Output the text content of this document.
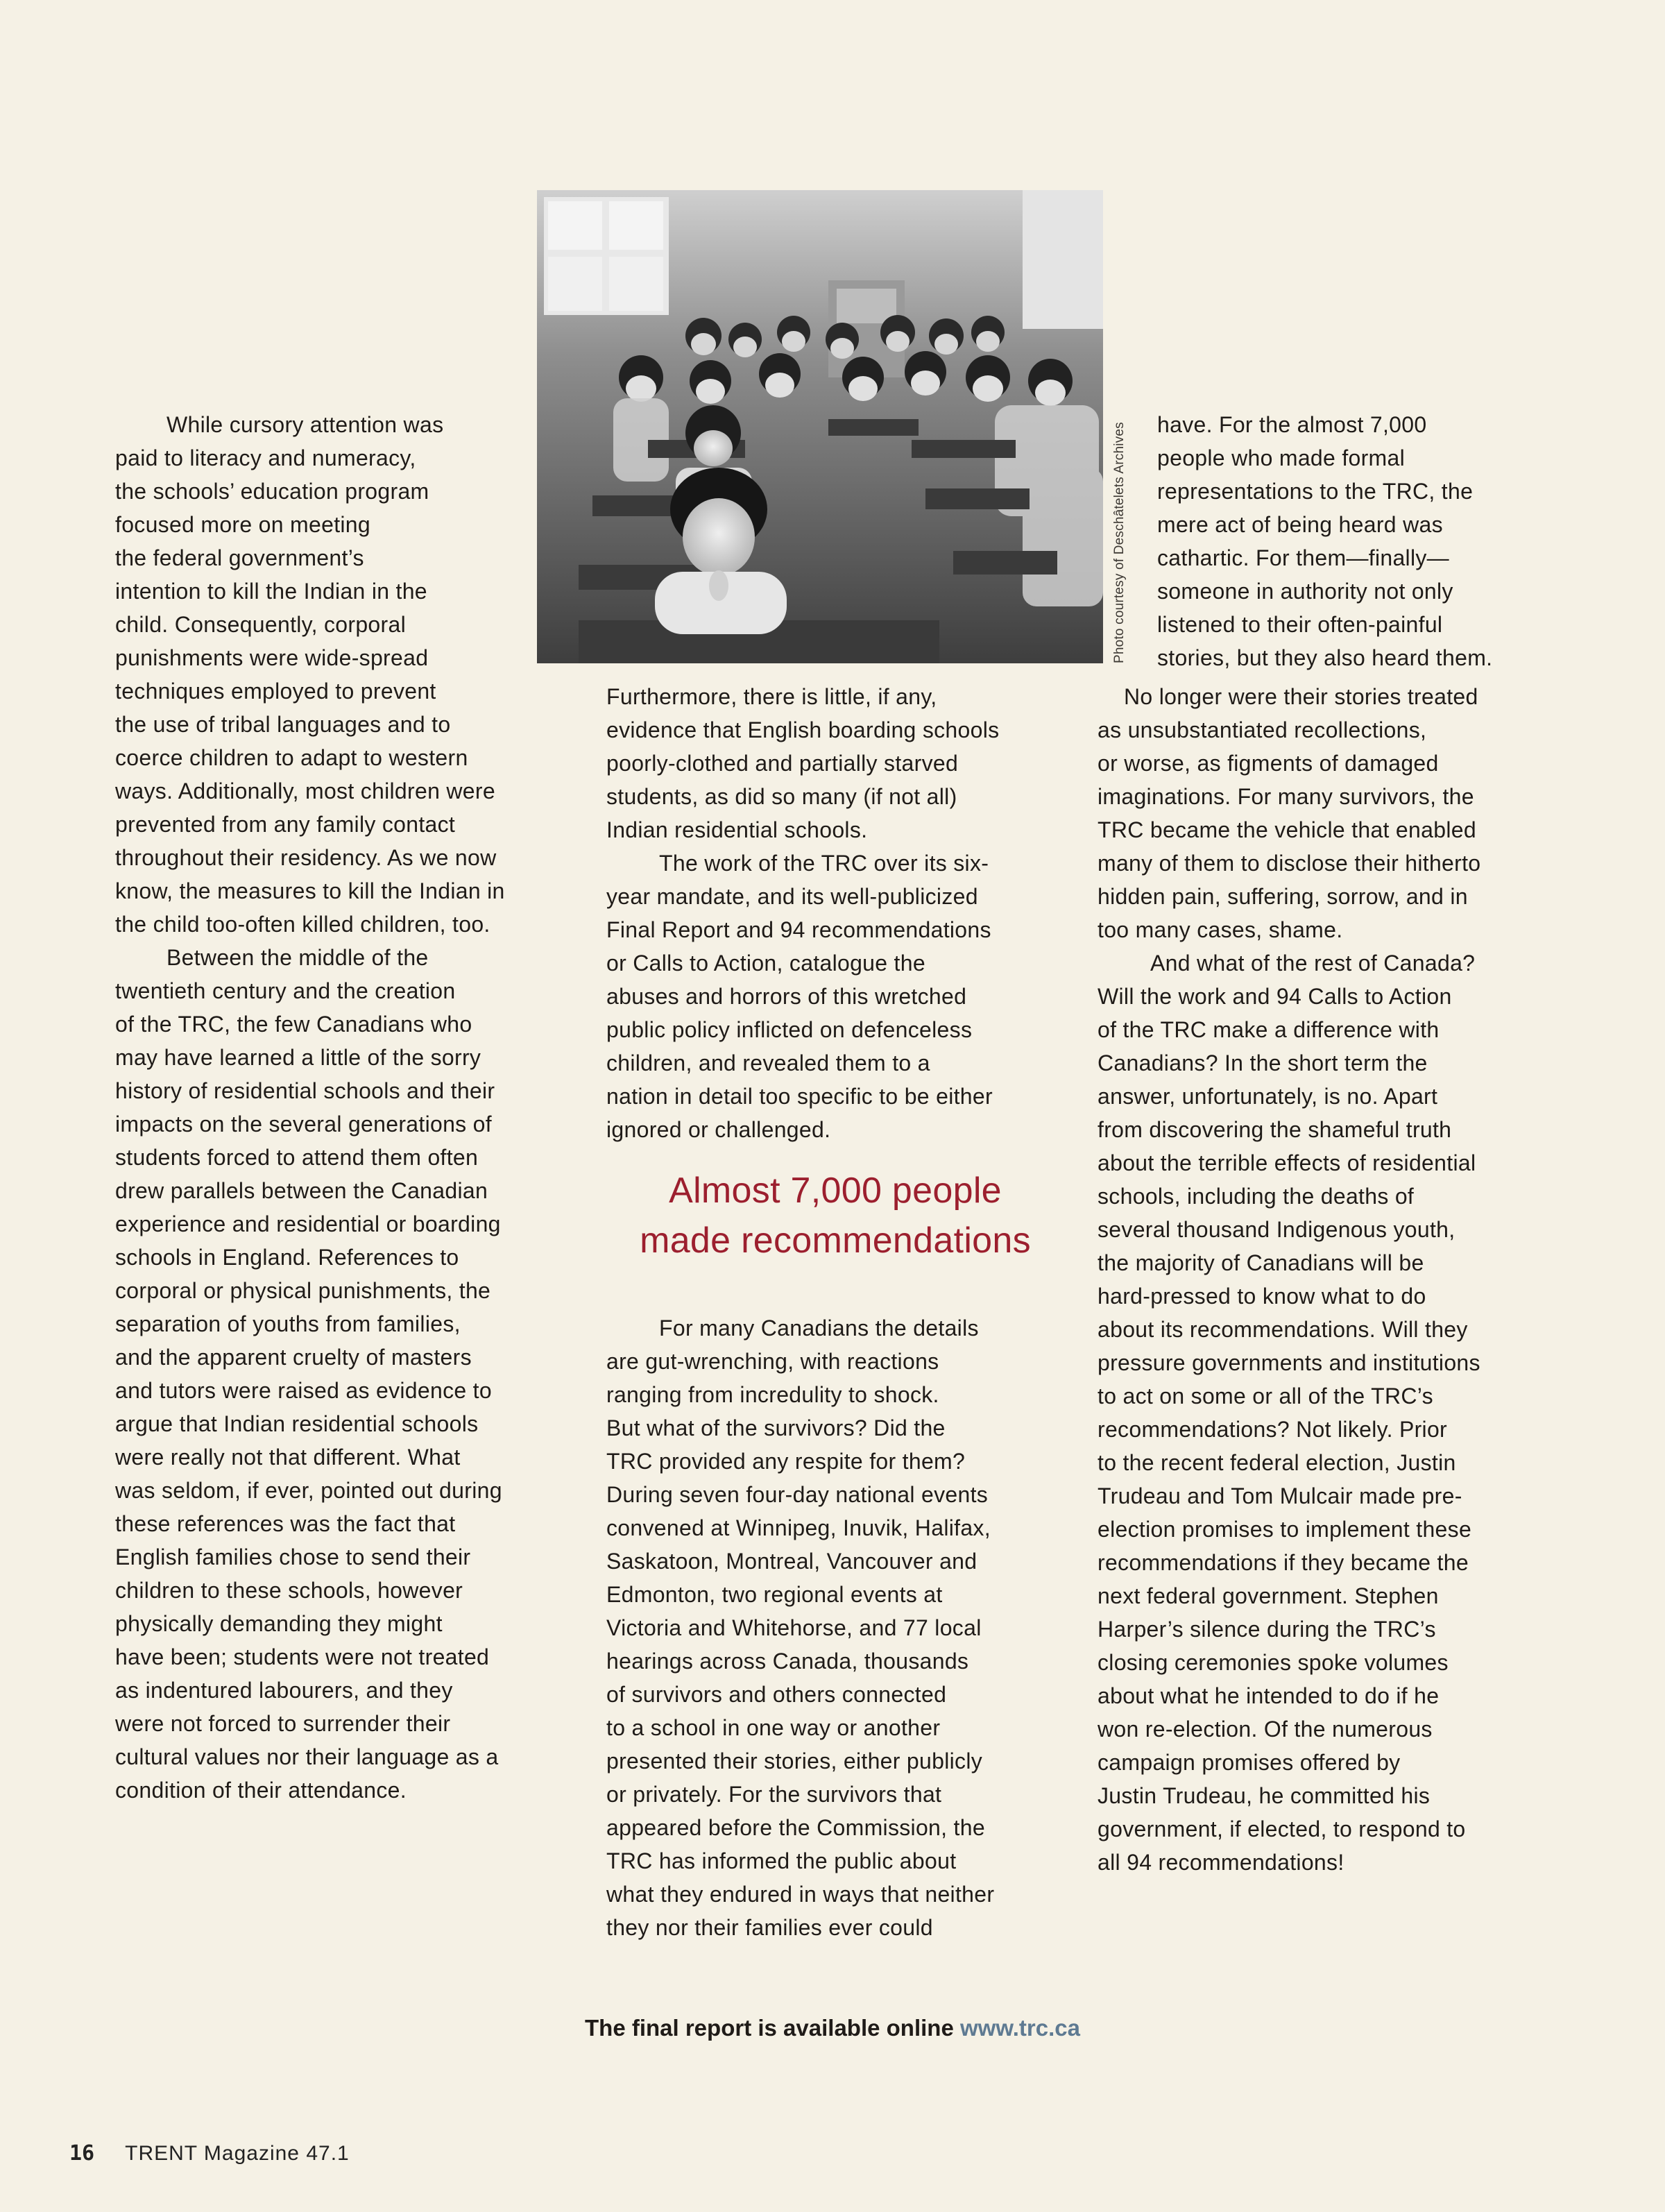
Photo courtesy of Deschâtelets Archives

While cursory attention was
paid to literacy and numeracy,
the schools’ education program
focused more on meeting
the federal government’s
intention to kill the Indian in the
child. Consequently, corporal
punishments were wide-spread
techniques employed to prevent
the use of tribal languages and to
coerce children to adapt to western
ways. Additionally, most children were
prevented from any family contact
throughout their residency. As we now
know, the measures to kill the Indian in
the child too-often killed children, too.

Between the middle of the
twentieth century and the creation
of the TRC, the few Canadians who
may have learned a little of the sorry
history of residential schools and their
impacts on the several generations of
students forced to attend them often
drew parallels between the Canadian
experience and residential or boarding
schools in England. References to
corporal or physical punishments, the
separation of youths from families,
and the apparent cruelty of masters
and tutors were raised as evidence to
argue that Indian residential schools
were really not that different. What
was seldom, if ever, pointed out during
these references was the fact that
English families chose to send their
children to these schools, however
physically demanding they might
have been; students were not treated
as indentured labourers, and they
were not forced to surrender their
cultural values nor their language as a
condition of their attendance.

Furthermore, there is little, if any,
evidence that English boarding schools
poorly-clothed and partially starved
students, as did so many (if not all)
Indian residential schools.

The work of the TRC over its six-
year mandate, and its well-publicized
Final Report and 94 recommendations
or Calls to Action, catalogue the
abuses and horrors of this wretched
public policy inflicted on defenceless
children, and revealed them to a
nation in detail too specific to be either
ignored or challenged.

Almost 7,000 people
made recommendations

For many Canadians the details
are gut-wrenching, with reactions
ranging from incredulity to shock.
But what of the survivors? Did the
TRC provided any respite for them?
During seven four-day national events
convened at Winnipeg, Inuvik, Halifax,
Saskatoon, Montreal, Vancouver and
Edmonton, two regional events at
Victoria and Whitehorse, and 77 local
hearings across Canada, thousands
of survivors and others connected
to a school in one way or another
presented their stories, either publicly
or privately. For the survivors that
appeared before the Commission, the
TRC has informed the public about
what they endured in ways that neither
they nor their families ever could

have. For the almost 7,000
people who made formal
representations to the TRC, the
mere act of being heard was
cathartic. For them—finally—
someone in authority not only
listened to their often-painful
stories, but they also heard them.

No longer were their stories treated
as unsubstantiated recollections,
or worse, as figments of damaged
imaginations. For many survivors, the
TRC became the vehicle that enabled
many of them to disclose their hitherto
hidden pain, suffering, sorrow, and in
too many cases, shame.

And what of the rest of Canada?
Will the work and 94 Calls to Action
of the TRC make a difference with
Canadians? In the short term the
answer, unfortunately, is no. Apart
from discovering the shameful truth
about the terrible effects of residential
schools, including the deaths of
several thousand Indigenous youth,
the majority of Canadians will be
hard-pressed to know what to do
about its recommendations. Will they
pressure governments and institutions
to act on some or all of the TRC’s
recommendations? Not likely. Prior
to the recent federal election, Justin
Trudeau and Tom Mulcair made pre-
election promises to implement these
recommendations if they became the
next federal government. Stephen
Harper’s silence during the TRC’s
closing ceremonies spoke volumes
about what he intended to do if he
won re-election. Of the numerous
campaign promises offered by
Justin Trudeau, he committed his
government, if elected, to respond to
all 94 recommendations!

The final report is available online www.trc.ca
16 TRENT Magazine 47.1
